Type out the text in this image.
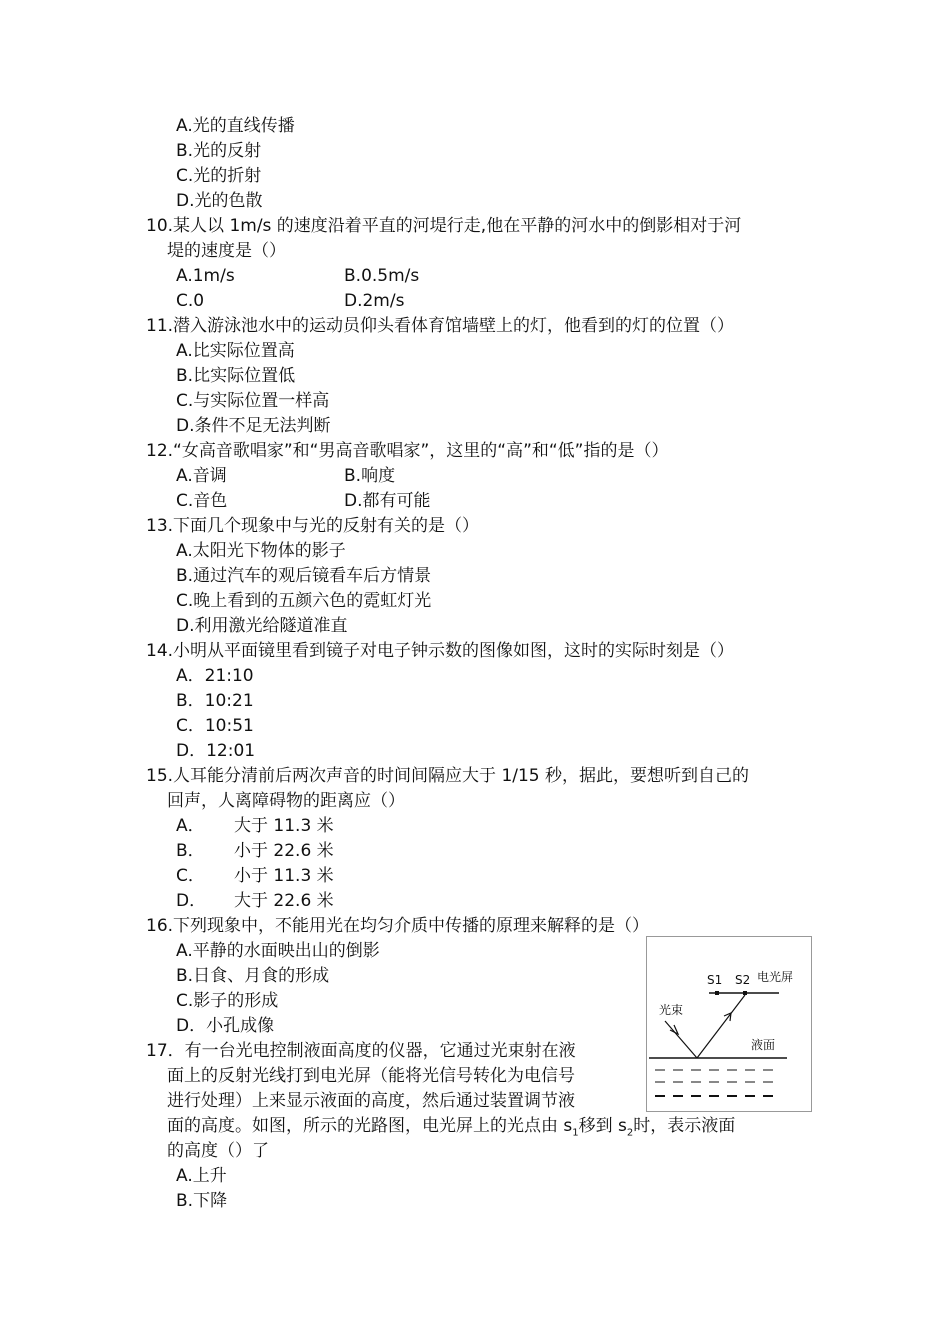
A.光的直线传播
B.光的反射
C.光的折射
D.光的色散
10.某人以 1m/s 的速度沿着平直的河堤行走,他在平静的河水中的倒影相对于河
堤的速度是（）
A.1m/s	B.0.5m/s
C.0	D.2m/s
11.潜入游泳池水中的运动员仰头看体育馆墙壁上的灯，他看到的灯的位置（）
A.比实际位置高
B.比实际位置低
C.与实际位置一样高
D.条件不足无法判断
12.“女高音歌唱家”和“男高音歌唱家”，这里的“高”和“低”指的是（）
A.音调	B.响度
C.音色	D.都有可能
13.下面几个现象中与光的反射有关的是（）
A.太阳光下物体的影子
B.通过汽车的观后镜看车后方情景
C.晚上看到的五颜六色的霓虹灯光
D.利用激光给隧道准直
14.小明从平面镜里看到镜子对电子钟示数的图像如图，这时的实际时刻是（）
A．21:10
B．10:21
C．10:51
D．12:01
15.人耳能分清前后两次声音的时间间隔应大于 1/15 秒，据此，要想听到自己的
回声，人离障碍物的距离应（）
A． 大于 11.3 米
B． 小于 22.6 米
C． 小于 11.3 米
D． 大于 22.6 米
16.下列现象中，不能用光在均匀介质中传播的原理来解释的是（）
A.平静的水面映出山的倒影
B.日食、月食的形成
C.影子的形成
D．小孔成像
17．有一台光电控制液面高度的仪器，它通过光束射在液
面上的反射光线打到电光屏（能将光信号转化为电信号
进行处理）上来显示液面的高度，然后通过装置调节液
面的高度。如图，所示的光路图，电光屏上的光点由 $s_1$移到 $s_2$时，表示液面
的高度（）了
A.上升
B.下降
S1 S2 电光屏
光束
液面
